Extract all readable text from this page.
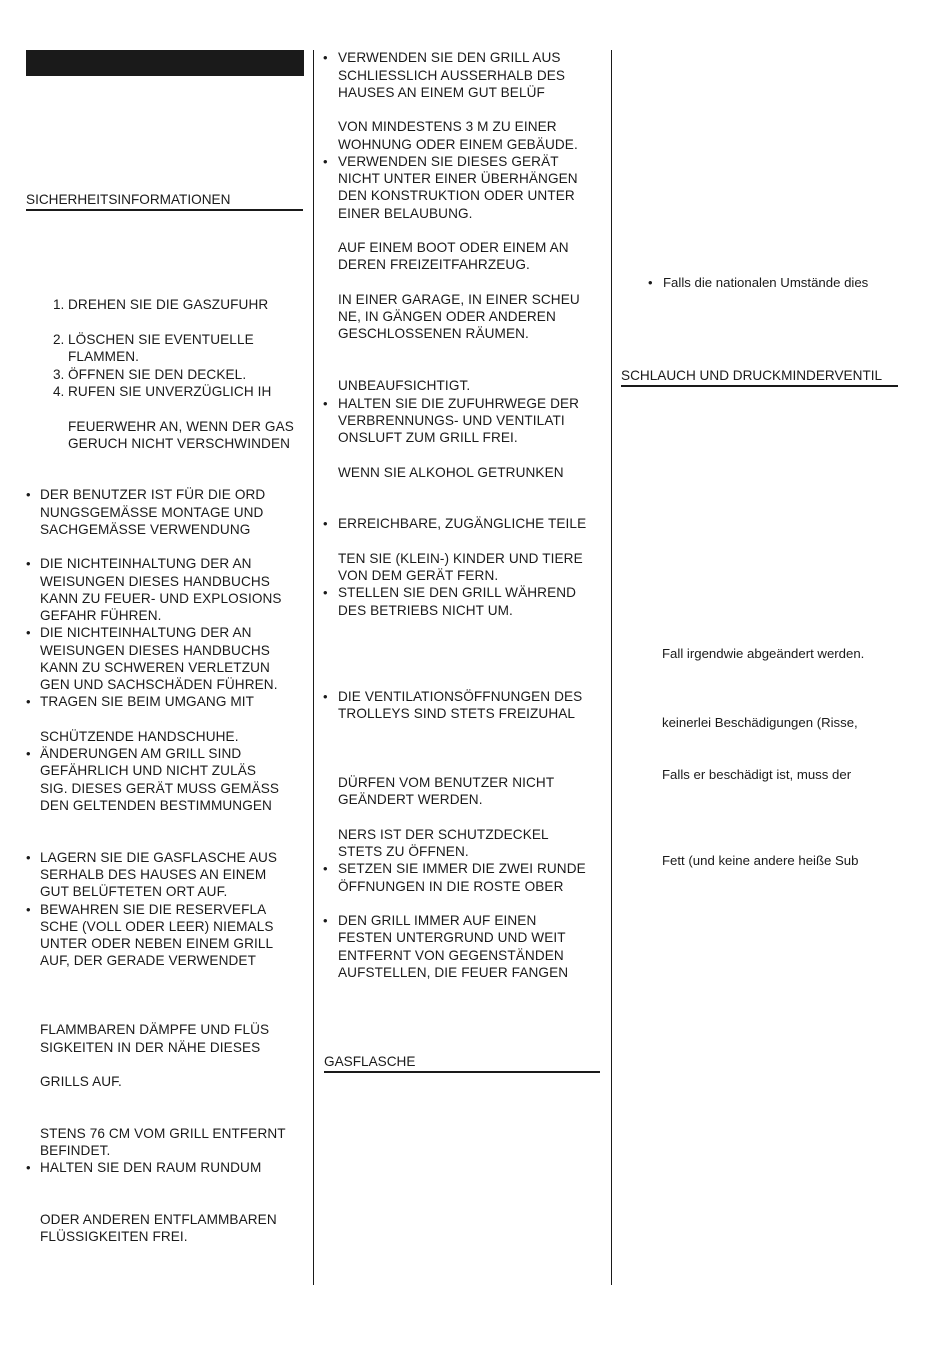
SICHERHEITSINFORMATIONEN
1. DREHEN SIE DIE GASZUFUHR
2. LÖSCHEN SIE EVENTUELLE
FLAMMEN.
3. ÖFFNEN SIE DEN DECKEL.
4. RUFEN SIE UNVERZÜGLICH IH
FEUERWEHR AN, WENN DER GAS
GERUCH NICHT VERSCHWINDEN
• DER BENUTZER IST FÜR DIE ORD
NUNGSGEMÄSSE MONTAGE UND
SACHGEMÄSSE VERWENDUNG
• DIE NICHTEINHALTUNG DER AN
WEISUNGEN DIESES HANDBUCHS
KANN ZU FEUER- UND EXPLOSIONS
GEFAHR FÜHREN.
• DIE NICHTEINHALTUNG DER AN
WEISUNGEN DIESES HANDBUCHS
KANN ZU SCHWEREN VERLETZUN
GEN UND SACHSCHÄDEN FÜHREN.
• TRAGEN SIE BEIM UMGANG MIT
SCHÜTZENDE HANDSCHUHE.
• ÄNDERUNGEN AM GRILL SIND
GEFÄHRLICH UND NICHT ZULÄS
SIG. DIESES GERÄT MUSS GEMÄSS
DEN GELTENDEN BESTIMMUNGEN
• LAGERN SIE DIE GASFLASCHE AUS
SERHALB DES HAUSES AN EINEM
GUT BELÜFTETEN ORT AUF.
• BEWAHREN SIE DIE RESERVEFLA
SCHE (VOLL ODER LEER) NIEMALS
UNTER ODER NEBEN EINEM GRILL
AUF, DER GERADE VERWENDET
FLAMMBAREN DÄMPFE UND FLÜS
SIGKEITEN IN DER NÄHE DIESES
GRILLS AUF.
STENS 76 CM VOM GRILL ENTFERNT
BEFINDET.
• HALTEN SIE DEN RAUM RUNDUM
ODER ANDEREN ENTFLAMMBAREN
FLÜSSIGKEITEN FREI.
• VERWENDEN SIE DEN GRILL AUS
SCHLIESSLICH AUSSERHALB DES
HAUSES AN EINEM GUT BELÜF
VON MINDESTENS 3 M ZU EINER
WOHNUNG ODER EINEM GEBÄUDE.
• VERWENDEN SIE DIESES GERÄT
NICHT UNTER EINER ÜBERHÄNGEN
DEN KONSTRUKTION ODER UNTER
EINER BELAUBUNG.
AUF EINEM BOOT ODER EINEM AN
DEREN FREIZEITFAHRZEUG.
IN EINER GARAGE, IN EINER SCHEU
NE, IN GÄNGEN ODER ANDEREN
GESCHLOSSENEN RÄUMEN.
UNBEAUFSICHTIGT.
• HALTEN SIE DIE ZUFUHRWEGE DER
VERBRENNUNGS- UND VENTILATI
ONSLUFT ZUM GRILL FREI.
WENN SIE ALKOHOL GETRUNKEN
• ERREICHBARE, ZUGÄNGLICHE TEILE
TEN SIE (KLEIN-) KINDER UND TIERE
VON DEM GERÄT FERN.
• STELLEN SIE DEN GRILL WÄHREND
DES BETRIEBS NICHT UM.
• DIE VENTILATIONSÖFFNUNGEN DES
TROLLEYS SIND STETS FREIZUHAL
DÜRFEN VOM BENUTZER NICHT
GEÄNDERT WERDEN.
NERS IST DER SCHUTZDECKEL
STETS ZU ÖFFNEN.
• SETZEN SIE IMMER DIE ZWEI RUNDE
ÖFFNUNGEN IN DIE ROSTE OBER
• DEN GRILL IMMER AUF EINEN
FESTEN UNTERGRUND UND WEIT
ENTFERNT VON GEGENSTÄNDEN
AUFSTELLEN, DIE FEUER FANGEN
GASFLASCHE
• Falls die nationalen Umstände dies
SCHLAUCH UND DRUCKMINDERVENTIL
Fall irgendwie abgeändert werden.
keinerlei Beschädigungen (Risse,
Falls er beschädigt ist, muss der
Fett (und keine andere heiße Sub
